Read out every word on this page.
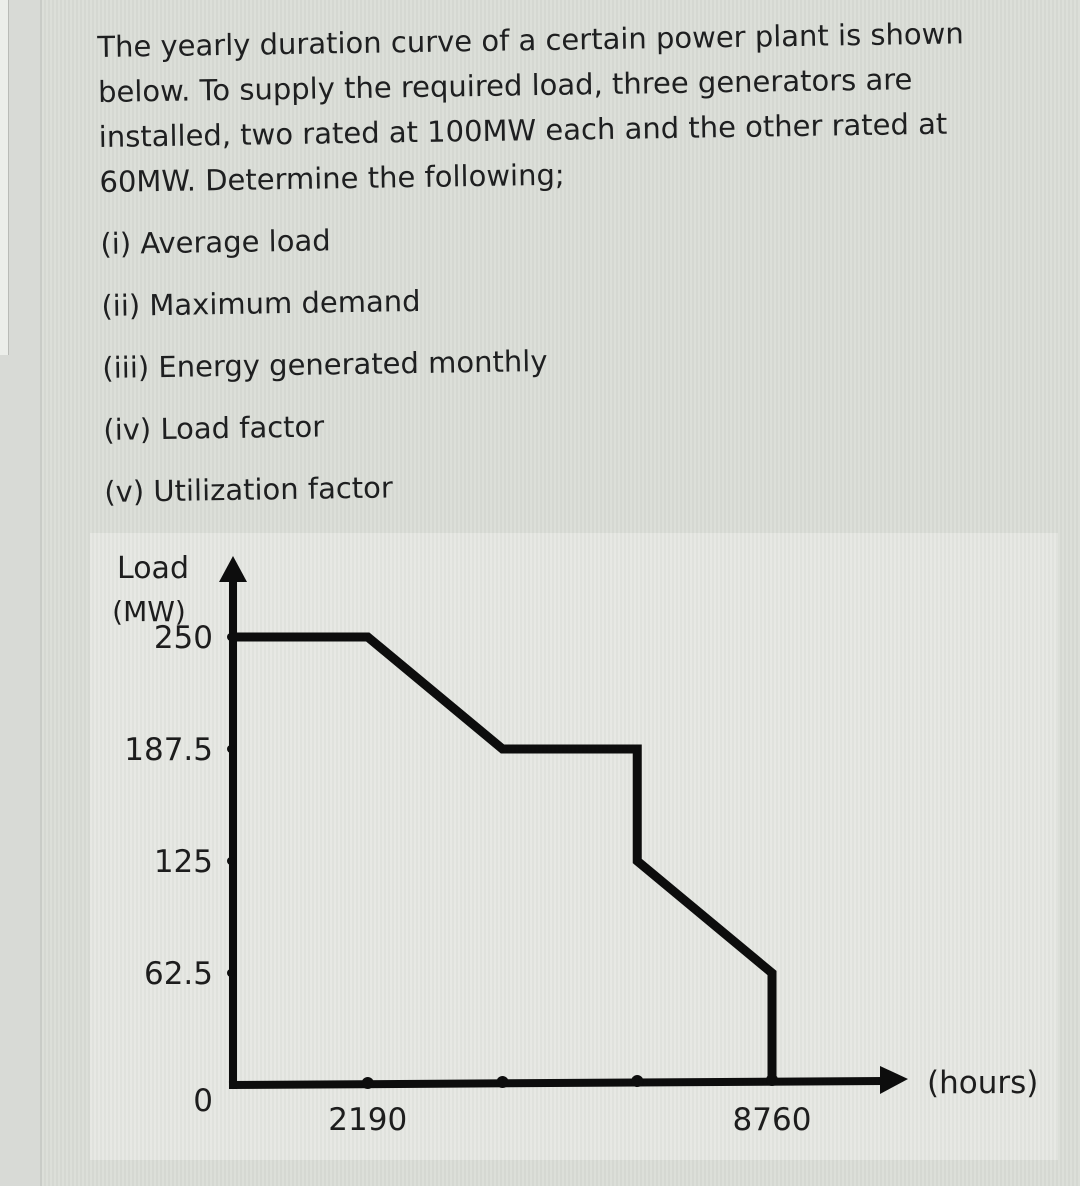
The yearly duration curve of a certain power plant is shown

below. To supply the required load, three generators are

installed, two rated at 100MW each and the other rated at

60MW. Determine the following;

(i) Average load
(ii) Maximum demand
(iii) Energy generated monthly
(iv) Load factor
(v) Utilization factor
Load
(MW)
(hours)
0
62.5
125
187.5
250
2190	8760
